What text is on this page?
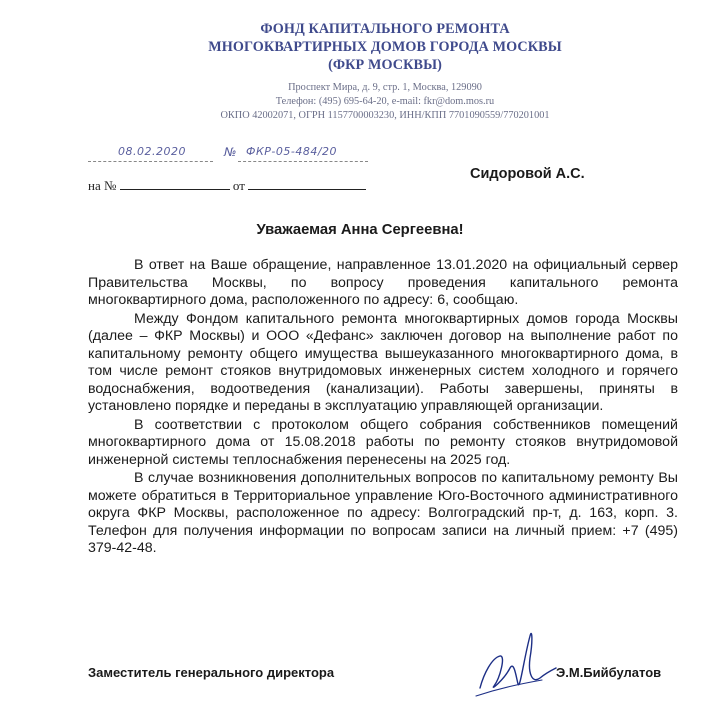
ФОНД КАПИТАЛЬНОГО РЕМОНТА
МНОГОКВАРТИРНЫХ ДОМОВ ГОРОДА МОСКВЫ
(ФКР МОСКВЫ)
Проспект Мира, д. 9, стр. 1, Москва, 129090
Телефон: (495) 695-64-20, e-mail: fkr@dom.mos.ru
ОКПО 42002071, ОГРН 1157700003230, ИНН/КПП 7701090559/770201001
08.02.2020	№ ФКР-05-484/20
на №	от
Сидоровой А.С.
Уважаемая Анна Сергеевна!

В ответ на Ваше обращение, направленное 13.01.2020 на официальный сервер Правительства Москвы, по вопросу проведения капитального ремонта многоквартирного дома, расположенного по адресу: 6, сообщаю.

Между Фондом капитального ремонта многоквартирных домов города Москвы (далее – ФКР Москвы) и ООО «Дефанс» заключен договор на выполнение работ по капитальному ремонту общего имущества вышеуказанного многоквартирного дома, в том числе ремонт стояков внутридомовых инженерных систем холодного и горячего водоснабжения, водоотведения (канализации). Работы завершены, приняты в установлено порядке и переданы в эксплуатацию управляющей организации.

В соответствии с протоколом общего собрания собственников помещений многоквартирного дома от 15.08.2018 работы по ремонту стояков внутридомовой инженерной системы теплоснабжения перенесены на 2025 год.

В случае возникновения дополнительных вопросов по капитальному ремонту Вы можете обратиться в Территориальное управление Юго-Восточного административного округа ФКР Москвы, расположенное по адресу: Волгоградский пр-т, д. 163, корп. 3. Телефон для получения информации по вопросам записи на личный прием: +7 (495) 379-42-48.

Заместитель генерального директора	Э.М.Бийбулатов
